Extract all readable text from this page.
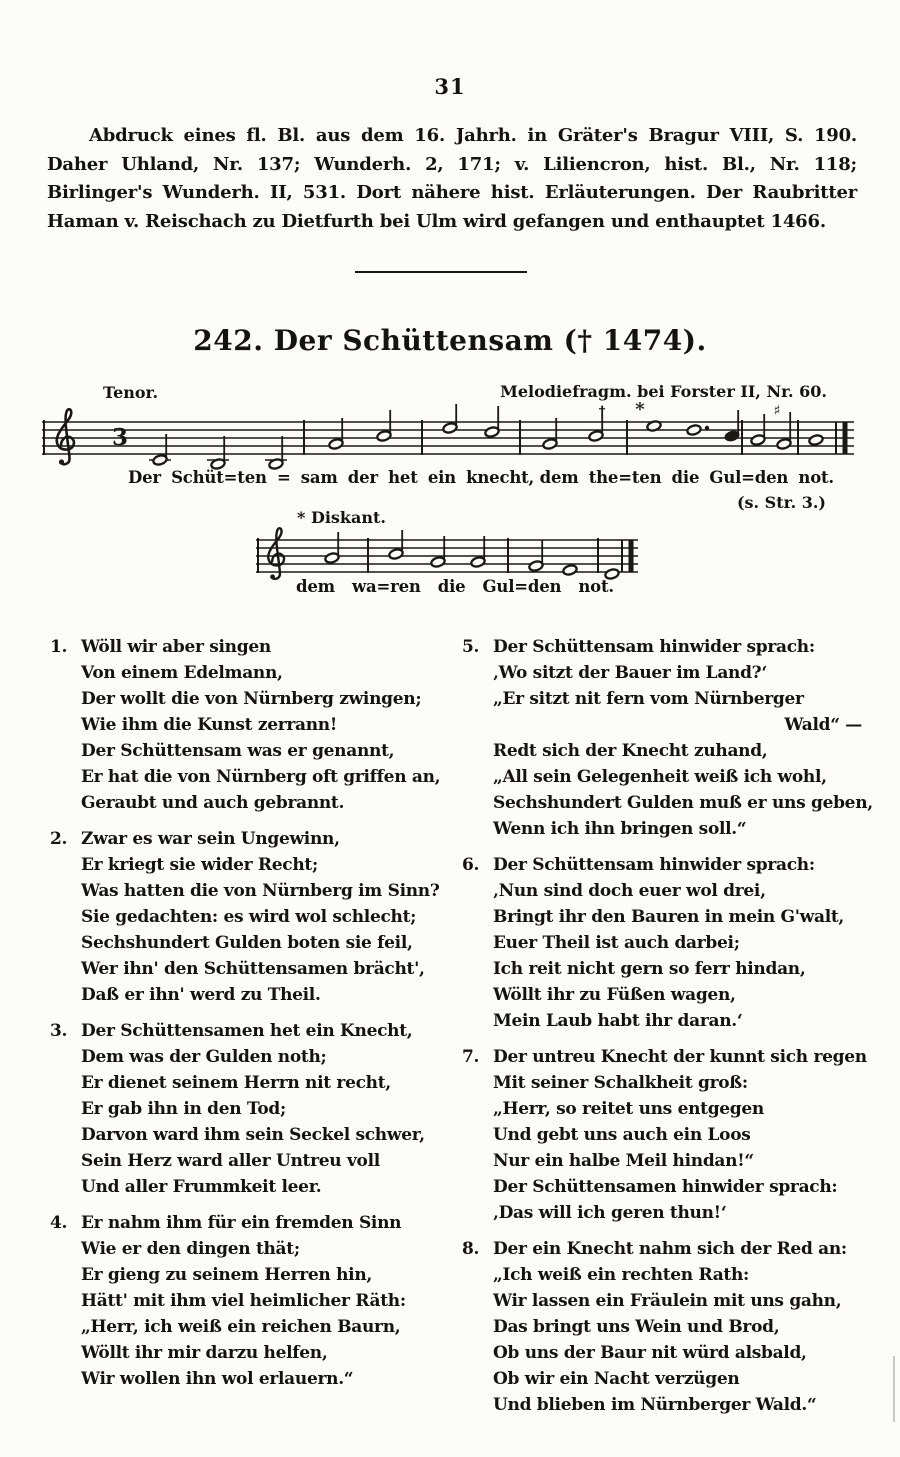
31
Abdruck eines fl. Bl. aus dem 16. Jahrh. in Gräter's Bragur VIII, S. 190. Daher Uhland, Nr. 137; Wunderh. 2, 171; v. Liliencron, hist. Bl., Nr. 118; Birlinger's Wunderh. II, 531. Dort nähere hist. Erläuterungen. Der Raubritter Haman v. Reischach zu Dietfurth bei Ulm wird gefangen und enthauptet 1466.
242. Der Schüttensam († 1474).
Tenor.	Melodiefragm. bei Forster II, Nr. 60.
3
† *	♯
Der Schüt=ten = sam der het ein knecht, dem the=ten die Gul=den not.
(s. Str. 3.)
* Diskant.
dem wa=ren die Gul=den not.
1. Wöll wir aber singen
Von einem Edelmann,
Der wollt die von Nürnberg zwingen;
Wie ihm die Kunst zerrann!
Der Schüttensam was er genannt,
Er hat die von Nürnberg oft griffen an,
Geraubt und auch gebrannt.
2. Zwar es war sein Ungewinn,
Er kriegt sie wider Recht;
Was hatten die von Nürnberg im Sinn?
Sie gedachten: es wird wol schlecht;
Sechshundert Gulden boten sie feil,
Wer ihn' den Schüttensamen brächt',
Daß er ihn' werd zu Theil.
3. Der Schüttensamen het ein Knecht,
Dem was der Gulden noth;
Er dienet seinem Herrn nit recht,
Er gab ihn in den Tod;
Darvon ward ihm sein Seckel schwer,
Sein Herz ward aller Untreu voll
Und aller Frummkeit leer.
4. Er nahm ihm für ein fremden Sinn
Wie er den dingen thät;
Er gieng zu seinem Herren hin,
Hätt' mit ihm viel heimlicher Räth:
„Herr, ich weiß ein reichen Baurn,
Wöllt ihr mir darzu helfen,
Wir wollen ihn wol erlauern.“
5. Der Schüttensam hinwider sprach:
‚Wo sitzt der Bauer im Land?‘
„Er sitzt nit fern vom Nürnberger
Wald“ —
Redt sich der Knecht zuhand,
„All sein Gelegenheit weiß ich wohl,
Sechshundert Gulden muß er uns geben,
Wenn ich ihn bringen soll.“
6. Der Schüttensam hinwider sprach:
‚Nun sind doch euer wol drei,
Bringt ihr den Bauren in mein G'walt,
Euer Theil ist auch darbei;
Ich reit nicht gern so ferr hindan,
Wöllt ihr zu Füßen wagen,
Mein Laub habt ihr daran.‘
7. Der untreu Knecht der kunnt sich regen
Mit seiner Schalkheit groß:
„Herr, so reitet uns entgegen
Und gebt uns auch ein Loos
Nur ein halbe Meil hindan!“
Der Schüttensamen hinwider sprach:
‚Das will ich geren thun!‘
8. Der ein Knecht nahm sich der Red an:
„Ich weiß ein rechten Rath:
Wir lassen ein Fräulein mit uns gahn,
Das bringt uns Wein und Brod,
Ob uns der Baur nit würd alsbald,
Ob wir ein Nacht verzügen
Und blieben im Nürnberger Wald.“
